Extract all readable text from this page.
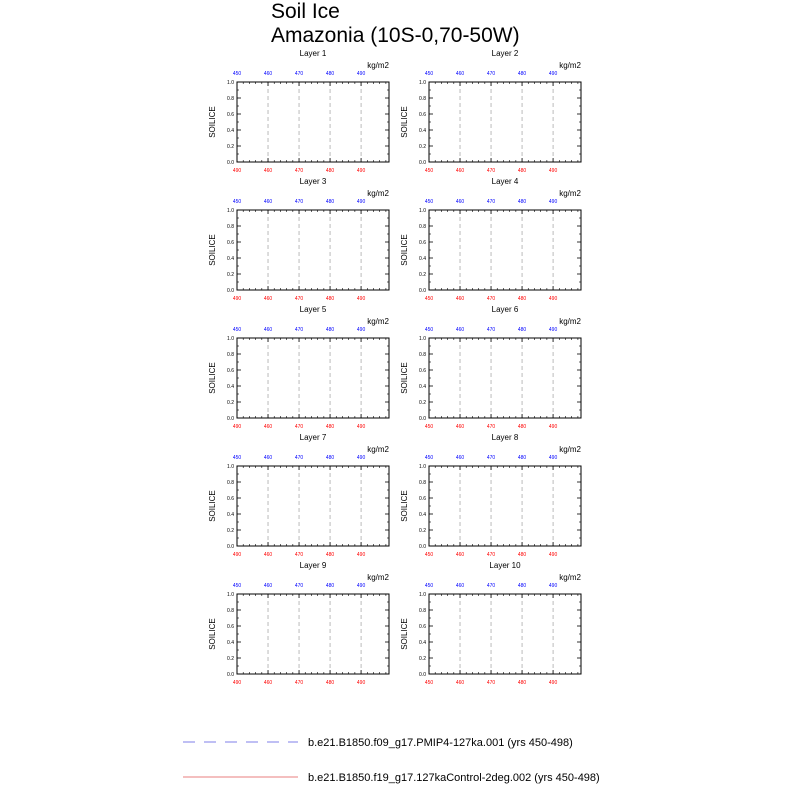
Soil Ice
Amazonia (10S-0,70-50W)
Layer 1
kg/m2
0.0
0.2
0.4
0.6
0.8
1.0
SOILICE
450
490
460
460
470
470
480
480
490
490
Layer 2
kg/m2
0.0
0.2
0.4
0.6
0.8
1.0
SOILICE
450
450
460
460
470
470
480
480
490
490
Layer 3
kg/m2
0.0
0.2
0.4
0.6
0.8
1.0
SOILICE
450
490
460
460
470
470
480
480
490
490
Layer 4
kg/m2
0.0
0.2
0.4
0.6
0.8
1.0
SOILICE
450
450
460
460
470
470
480
480
490
490
Layer 5
kg/m2
0.0
0.2
0.4
0.6
0.8
1.0
SOILICE
450
490
460
460
470
470
480
480
490
490
Layer 6
kg/m2
0.0
0.2
0.4
0.6
0.8
1.0
SOILICE
450
450
460
460
470
470
480
480
490
490
Layer 7
kg/m2
0.0
0.2
0.4
0.6
0.8
1.0
SOILICE
450
490
460
460
470
470
480
480
490
490
Layer 8
kg/m2
0.0
0.2
0.4
0.6
0.8
1.0
SOILICE
450
450
460
460
470
470
480
480
490
490
Layer 9
kg/m2
0.0
0.2
0.4
0.6
0.8
1.0
SOILICE
450
490
460
460
470
470
480
480
490
490
Layer 10
kg/m2
0.0
0.2
0.4
0.6
0.8
1.0
SOILICE
450
450
460
460
470
470
480
480
490
490
b.e21.B1850.f09_g17.PMIP4-127ka.001 (yrs 450-498)
b.e21.B1850.f19_g17.127kaControl-2deg.002 (yrs 450-498)
